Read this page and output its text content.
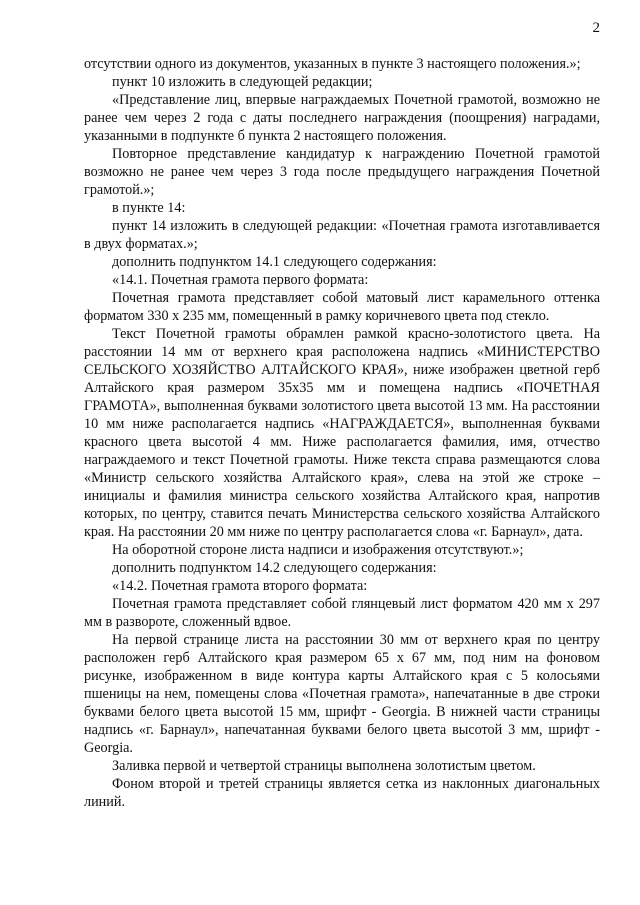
2

отсутствии одного из документов, указанных в пункте 3 настоящего положения.»;

пункт 10 изложить в следующей редакции;

«Представление лиц, впервые награждаемых Почетной грамотой, возможно не ранее чем через 2 года с даты последнего награждения (поощрения) наградами, указанными в подпункте б пункта 2 настоящего положения.

Повторное представление кандидатур к награждению Почетной грамотой возможно не ранее чем через 3 года после предыдущего награждения Почетной грамотой.»;

в пункте 14:

пункт 14 изложить в следующей редакции: «Почетная грамота изготавливается в двух форматах.»;

дополнить подпунктом 14.1 следующего содержания:

«14.1. Почетная грамота первого формата:

Почетная грамота представляет собой матовый лист карамельного оттенка форматом 330 х 235 мм, помещенный в рамку коричневого цвета под стекло.

Текст Почетной грамоты обрамлен рамкой красно-золотистого цвета. На расстоянии 14 мм от верхнего края расположена надпись «МИНИСТЕРСТВО СЕЛЬСКОГО ХОЗЯЙСТВО АЛТАЙСКОГО КРАЯ», ниже изображен цветной герб Алтайского края размером 35х35 мм и помещена надпись «ПОЧЕТНАЯ ГРАМОТА», выполненная буквами золотистого цвета высотой 13 мм. На расстоянии 10 мм ниже располагается надпись «НАГРАЖДАЕТСЯ», выполненная буквами красного цвета высотой 4 мм. Ниже располагается фамилия, имя, отчество награждаемого и текст Почетной грамоты. Ниже текста справа размещаются слова «Министр сельского хозяйства Алтайского края», слева на этой же строке – инициалы и фамилия министра сельского хозяйства Алтайского края, напротив которых, по центру, ставится печать Министерства сельского хозяйства Алтайского края. На расстоянии 20 мм ниже по центру располагается слова «г. Барнаул», дата.

На оборотной стороне листа надписи и изображения отсутствуют.»;

дополнить подпунктом 14.2 следующего содержания:

«14.2. Почетная грамота второго формата:

Почетная грамота представляет собой глянцевый лист форматом 420 мм х 297 мм в развороте, сложенный вдвое.

На первой странице листа на расстоянии 30 мм от верхнего края по центру расположен герб Алтайского края размером 65 х 67 мм, под ним на фоновом рисунке, изображенном в виде контура карты Алтайского края с 5 колосьями пшеницы на нем, помещены слова «Почетная грамота», напечатанные в две строки буквами белого цвета высотой 15 мм, шрифт - Georgia. В нижней части страницы надпись «г. Барнаул», напечатанная буквами белого цвета высотой 3 мм, шрифт - Georgia.

Заливка первой и четвертой страницы выполнена золотистым цветом.

Фоном второй и третей страницы является сетка из наклонных диагональных линий.
